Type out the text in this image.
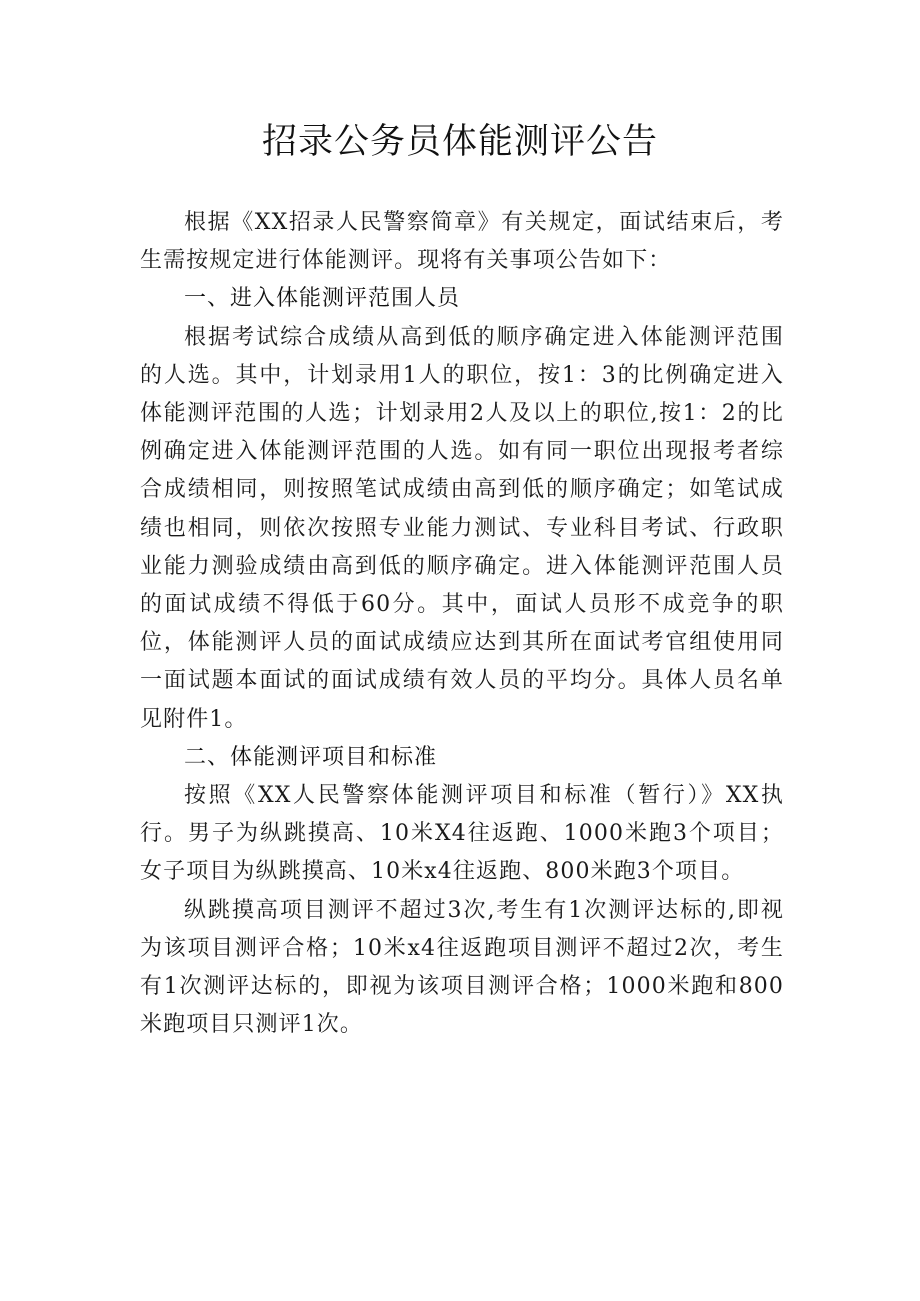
招录公务员体能测评公告

根据《XX招录人民警察简章》有关规定，面试结束后，考生需按规定进行体能测评。现将有关事项公告如下：

一、进入体能测评范围人员

根据考试综合成绩从高到低的顺序确定进入体能测评范围的人选。其中，计划录用1人的职位，按1：3的比例确定进入体能测评范围的人选；计划录用2人及以上的职位,按1：2的比例确定进入体能测评范围的人选。如有同一职位出现报考者综合成绩相同，则按照笔试成绩由高到低的顺序确定；如笔试成绩也相同，则依次按照专业能力测试、专业科目考试、行政职业能力测验成绩由高到低的顺序确定。进入体能测评范围人员的面试成绩不得低于60分。其中，面试人员形不成竞争的职位，体能测评人员的面试成绩应达到其所在面试考官组使用同一面试题本面试的面试成绩有效人员的平均分。具体人员名单见附件1。

二、体能测评项目和标准

按照《XX人民警察体能测评项目和标准（暂行）》XX执行。男子为纵跳摸高、10米X4往返跑、1000米跑3个项目；女子项目为纵跳摸高、10米x4往返跑、800米跑3个项目。

纵跳摸高项目测评不超过3次,考生有1次测评达标的,即视为该项目测评合格；10米x4往返跑项目测评不超过2次，考生有1次测评达标的，即视为该项目测评合格；1000米跑和800米跑项目只测评1次。
